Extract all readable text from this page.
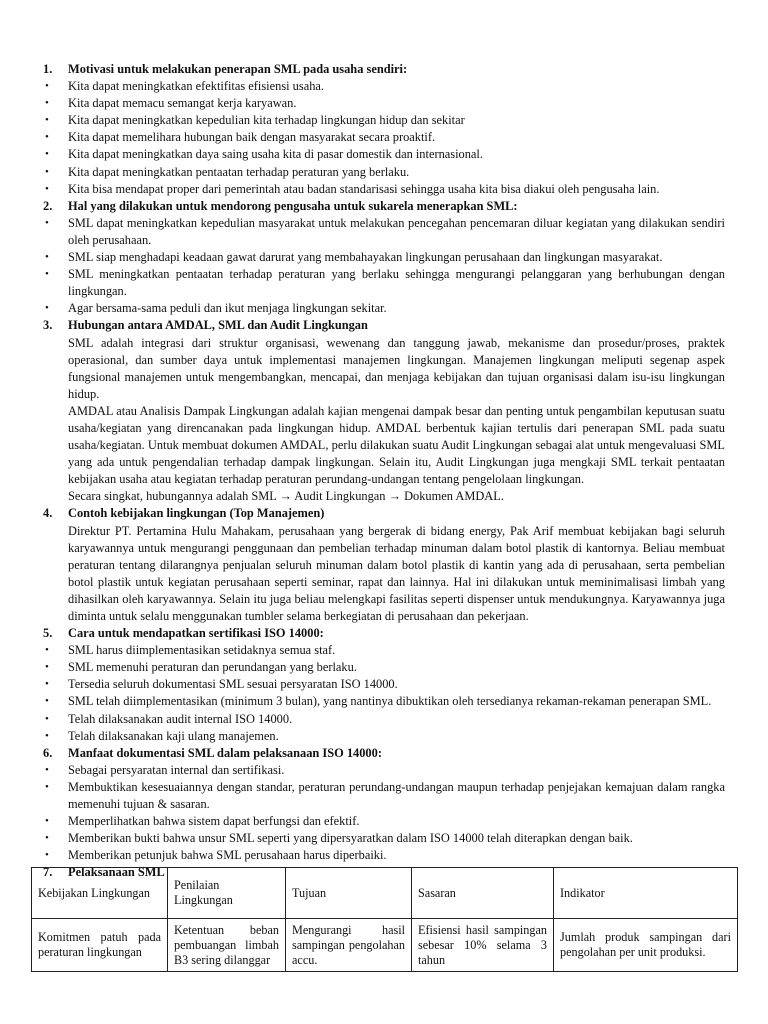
1. Motivasi untuk melakukan penerapan SML pada usaha sendiri:
• Kita dapat meningkatkan efektifitas efisiensi usaha.
• Kita dapat memacu semangat kerja karyawan.
• Kita dapat meningkatkan kepedulian kita terhadap lingkungan hidup dan sekitar
• Kita dapat memelihara hubungan baik dengan masyarakat secara proaktif.
• Kita dapat meningkatkan daya saing usaha kita di pasar domestik dan internasional.
• Kita dapat meningkatkan pentaatan terhadap peraturan yang berlaku.
• Kita bisa mendapat proper dari pemerintah atau badan standarisasi sehingga usaha kita bisa diakui oleh pengusaha lain.
2. Hal yang dilakukan untuk mendorong pengusaha untuk sukarela menerapkan SML:
• SML dapat meningkatkan kepedulian masyarakat untuk melakukan pencegahan pencemaran diluar kegiatan yang dilakukan sendiri oleh perusahaan.
• SML siap menghadapi keadaan gawat darurat yang membahayakan lingkungan perusahaan dan lingkungan masyarakat.
• SML meningkatkan pentaatan terhadap peraturan yang berlaku sehingga mengurangi pelanggaran yang berhubungan dengan lingkungan.
• Agar bersama-sama peduli dan ikut menjaga lingkungan sekitar.
3. Hubungan antara AMDAL, SML dan Audit Lingkungan
SML adalah integrasi dari struktur organisasi, wewenang dan tanggung jawab, mekanisme dan prosedur/proses, praktek operasional, dan sumber daya untuk implementasi manajemen lingkungan. Manajemen lingkungan meliputi segenap aspek fungsional manajemen untuk mengembangkan, mencapai, dan menjaga kebijakan dan tujuan organisasi dalam isu-isu lingkungan hidup.
AMDAL atau Analisis Dampak Lingkungan adalah kajian mengenai dampak besar dan penting untuk pengambilan keputusan suatu usaha/kegiatan yang direncanakan pada lingkungan hidup. AMDAL berbentuk kajian tertulis dari penerapan SML pada suatu usaha/kegiatan. Untuk membuat dokumen AMDAL, perlu dilakukan suatu Audit Lingkungan sebagai alat untuk mengevaluasi SML yang ada untuk pengendalian terhadap dampak lingkungan. Selain itu, Audit Lingkungan juga mengkaji SML terkait pentaatan kebijakan usaha atau kegiatan terhadap peraturan perundang-undangan tentang pengelolaan lingkungan.
Secara singkat, hubungannya adalah SML → Audit Lingkungan → Dokumen AMDAL.
4. Contoh kebijakan lingkungan (Top Manajemen)
Direktur PT. Pertamina Hulu Mahakam, perusahaan yang bergerak di bidang energy, Pak Arif membuat kebijakan bagi seluruh karyawannya untuk mengurangi penggunaan dan pembelian terhadap minuman dalam botol plastik di kantornya. Beliau membuat peraturan tentang dilarangnya penjualan seluruh minuman dalam botol plastik di kantin yang ada di perusahaan, serta pembelian botol plastik untuk kegiatan perusahaan seperti seminar, rapat dan lainnya. Hal ini dilakukan untuk meminimalisasi limbah yang dihasilkan oleh karyawannya. Selain itu juga beliau melengkapi fasilitas seperti dispenser untuk mendukungnya. Karyawannya juga diminta untuk selalu menggunakan tumbler selama berkegiatan di perusahaan dan pekerjaan.
5. Cara untuk mendapatkan sertifikasi ISO 14000:
• SML harus diimplementasikan setidaknya semua staf.
• SML memenuhi peraturan dan perundangan yang berlaku.
• Tersedia seluruh dokumentasi SML sesuai persyaratan ISO 14000.
• SML telah diimplementasikan (minimum 3 bulan), yang nantinya dibuktikan oleh tersedianya rekaman-rekaman penerapan SML.
• Telah dilaksanakan audit internal ISO 14000.
• Telah dilaksanakan kaji ulang manajemen.
6. Manfaat dokumentasi SML dalam pelaksanaan ISO 14000:
• Sebagai persyaratan internal dan sertifikasi.
• Membuktikan kesesuaiannya dengan standar, peraturan perundang-undangan maupun terhadap penjejakan kemajuan dalam rangka memenuhi tujuan & sasaran.
• Memperlihatkan bahwa sistem dapat berfungsi dan efektif.
• Memberikan bukti bahwa unsur SML seperti yang dipersyaratkan dalam ISO 14000 telah diterapkan dengan baik.
• Memberikan petunjuk bahwa SML perusahaan harus diperbaiki.
7. Pelaksanaan SML
Kebijakan Lingkungan	Penilaian Lingkungan	Tujuan	Sasaran	Indikator
Komitmen patuh pada peraturan lingkungan	Ketentuan beban pembuangan limbah B3 sering dilanggar	Mengurangi hasil sampingan pengolahan accu.	Efisiensi hasil sampingan sebesar 10% selama 3 tahun	Jumlah produk sampingan dari pengolahan per unit produksi.
